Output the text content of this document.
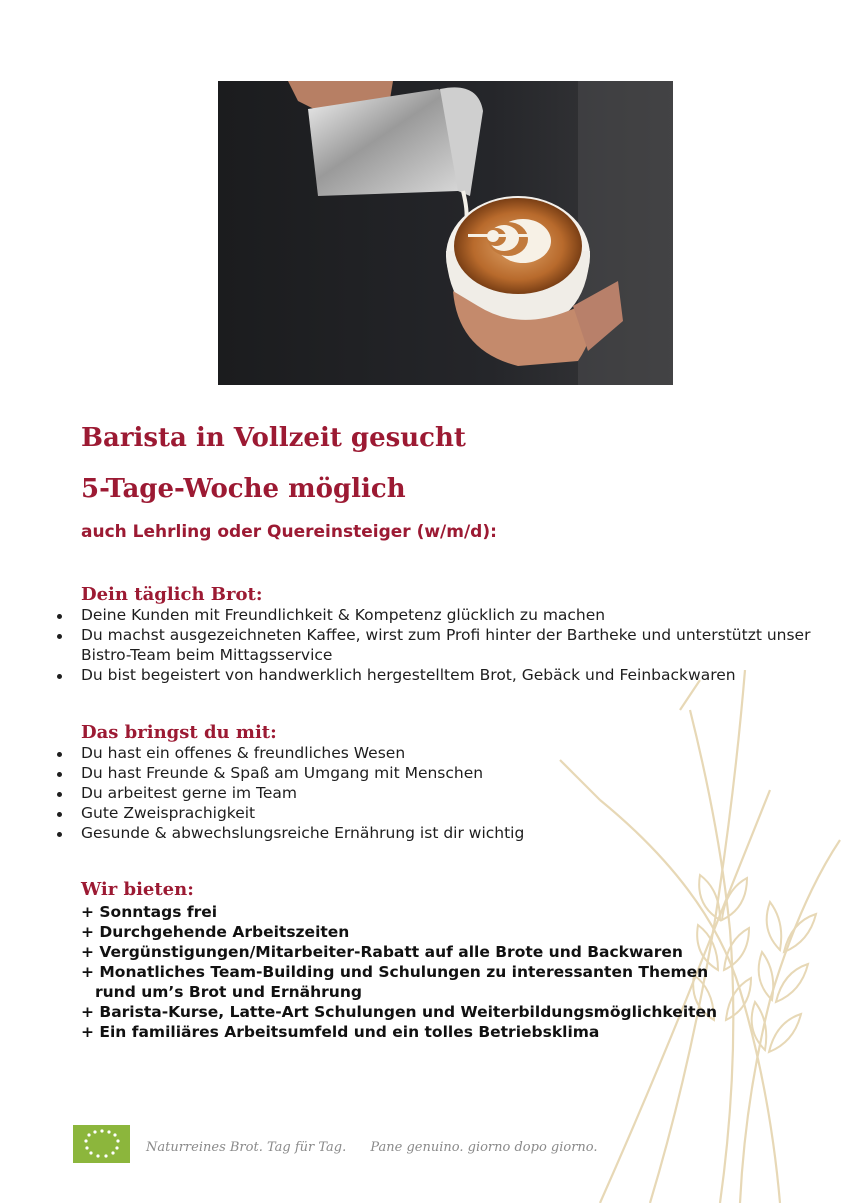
Barista in Vollzeit gesucht
5-Tage-Woche möglich

auch Lehrling oder Quereinsteiger (w/m/d):

Dein täglich Brot:
Deine Kunden mit Freundlichkeit & Kompetenz glücklich zu machen
Du machst ausgezeichneten Kaffee, wirst zum Profi hinter der Bartheke und unterstützt unser Bistro-Team beim Mittagsservice
Du bist begeistert von handwerklich hergestelltem Brot, Gebäck und Feinbackwaren
Das bringst du mit:
Du hast ein offenes & freundliches Wesen
Du hast Freunde & Spaß am Umgang mit Menschen
Du arbeitest gerne im Team
Gute Zweisprachigkeit
Gesunde & abwechslungsreiche Ernährung ist dir wichtig
Wir bieten:
+ Sonntags frei
+ Durchgehende Arbeitszeiten
+ Vergünstigungen/Mitarbeiter-Rabatt auf alle Brote und Backwaren
+ Monatliches Team-Building und Schulungen zu interessanten Themen
rund um’s Brot und Ernährung
+ Barista-Kurse, Latte-Art Schulungen und Weiterbildungsmöglichkeiten
+ Ein familiäres Arbeitsumfeld und ein tolles Betriebsklima
Naturreines Brot. Tag für Tag. Pane genuino. giorno dopo giorno.
